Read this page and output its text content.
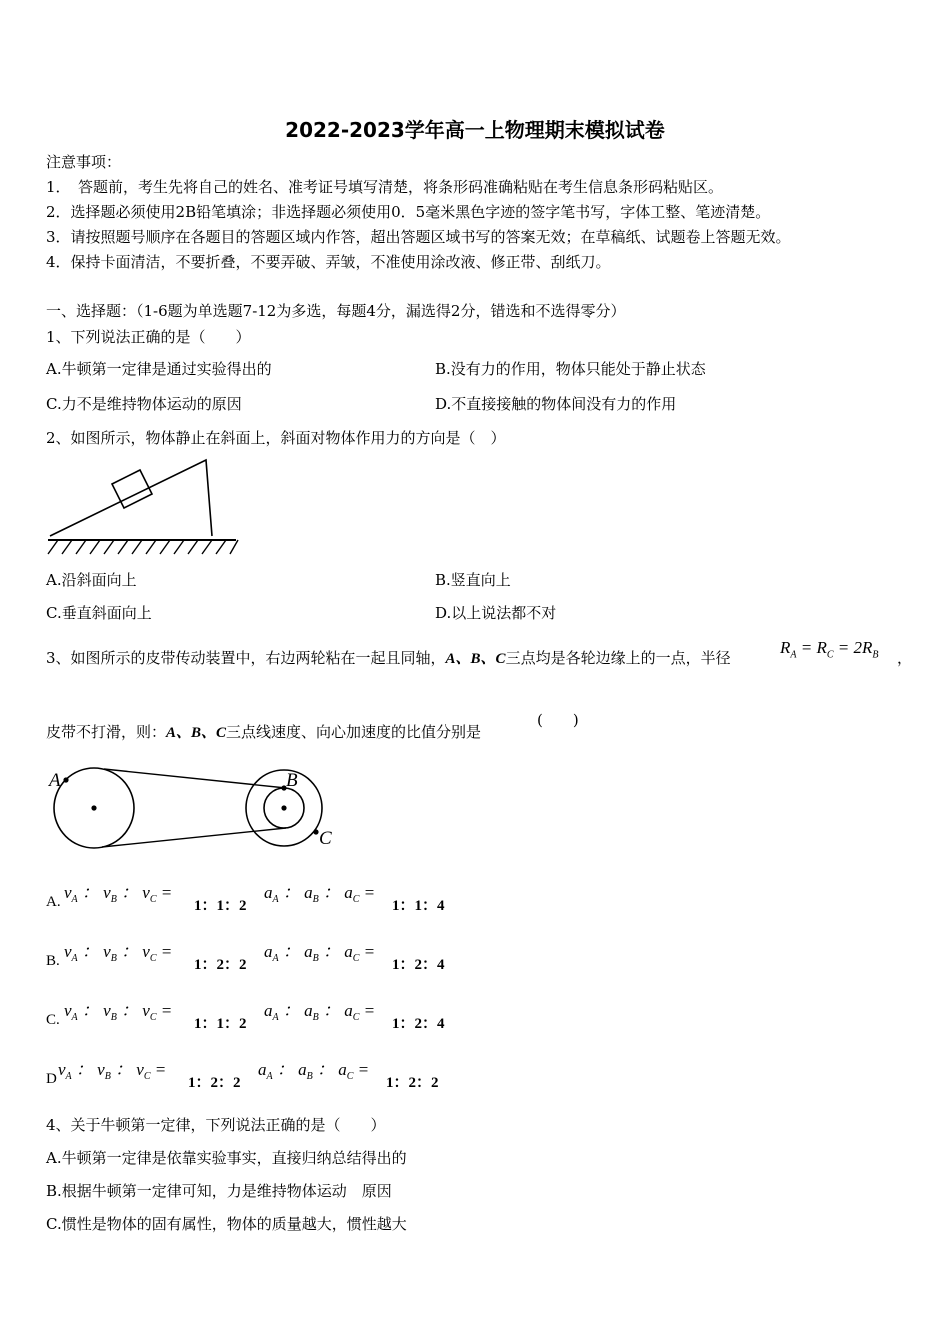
2022-2023学年高一上物理期末模拟试卷
注意事项：
1．　答题前，考生先将自己的姓名、准考证号填写清楚，将条形码准确粘贴在考生信息条形码粘贴区。
2．选择题必须使用2B铅笔填涂；非选择题必须使用0．5毫米黑色字迹的签字笔书写，字体工整、笔迹清楚。
3．请按照题号顺序在各题目的答题区域内作答，超出答题区域书写的答案无效；在草稿纸、试题卷上答题无效。
4．保持卡面清洁，不要折叠，不要弄破、弄皱，不准使用涂改液、修正带、刮纸刀。
一、选择题：（1-6题为单选题7-12为多选，每题4分，漏选得2分，错选和不选得零分）
1、下列说法正确的是（　　）
A.牛顿第一定律是通过实验得出的	B.没有力的作用，物体只能处于静止状态
C.力不是维持物体运动的原因	D.不直接接触的物体间没有力的作用
2、如图所示，物体静止在斜面上，斜面对物体作用力的方向是（　）
A.沿斜面向上	B.竖直向上
C.垂直斜面向上	D.以上说法都不对
3、如图所示的皮带传动装置中，右边两轮粘在一起且同轴，A、B、C三点均是各轮边缘上的一点，半径
$R_A = R_C = 2R_B$ ，
皮带不打滑，则：A、B、C三点线速度、向心加速度的比值分别是
(　　)
A	B
C
A. $v_A$ ： $v_B$ ： $v_C$ =
1：1：2
$a_A$ ： $a_B$ ： $a_C$ =
1：1：4
B. $v_A$ ： $v_B$ ： $v_C$ =
1：2：2
$a_A$ ： $a_B$ ： $a_C$ =
1：2：4
C. $v_A$ ： $v_B$ ： $v_C$ =
1：1：2
$a_A$ ： $a_B$ ： $a_C$ =
1：2：4
D $v_A$ ： $v_B$ ： $v_C$ =
1：2：2
$a_A$ ： $a_B$ ： $a_C$ =
1：2：2
4、关于牛顿第一定律，下列说法正确的是（　　）
A.牛顿第一定律是依靠实验事实，直接归纳总结得出的
B.根据牛顿第一定律可知，力是维持物体运动　原因
C.惯性是物体的固有属性，物体的质量越大，惯性越大
